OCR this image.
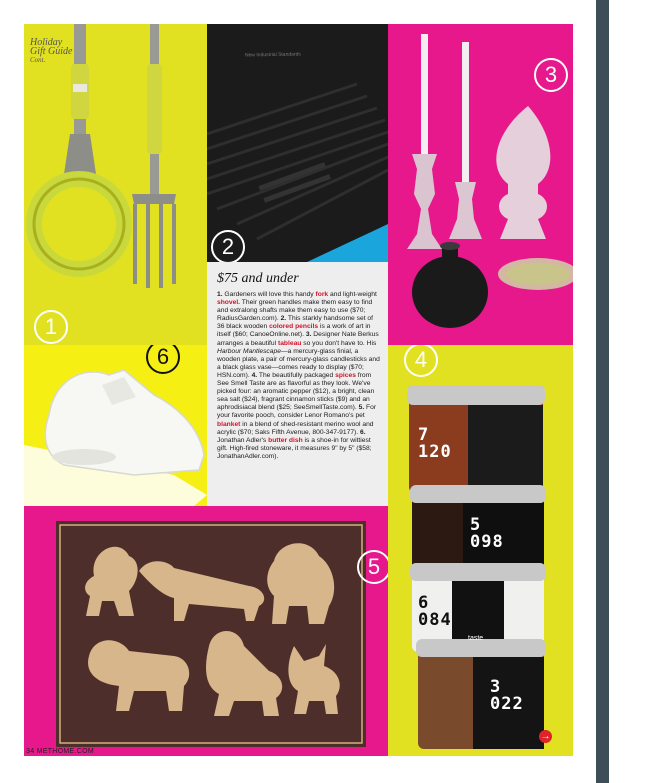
Holiday
Gift Guide
Cont.
1
New Industrial Standards
2
3
$75 and under
1. Gardeners will love this handy fork and light-weight shovel. Their green handles make them easy to find and extralong shafts make them easy to use ($70; RadiusGarden.com). 2. This starkly handsome set of 36 black wooden colored pencils is a work of art in itself ($60; CanoeOnline.net). 3. Designer Nate Berkus arranges a beautiful tableau so you don't have to. His Harbour Mantlescape—a mercury-glass finial, a wooden plate, a pair of mercury-glass candlesticks and a black glass vase—comes ready to display ($70; HSN.com). 4. The beautifully packaged spices from See Smell Taste are as flavorful as they look. We've picked four: an aromatic pepper ($12), a bright, clean sea salt ($24), fragrant cinnamon sticks ($9) and an aphrodisiacal blend ($25; SeeSmellTaste.com). 5. For your favorite pooch, consider Lenor Romano's pet blanket in a blend of shed-resistant merino wool and acrylic ($70; Saks Fifth Avenue, 800-347-9177). 6. Jonathan Adler's butter dish is a shoe-in for wittiest gift. High-fired stoneware, it measures 9" by 5" ($58; JonathanAdler.com).
6
5
7
120
5
098
6
084
taste
3
022
4
34 METHOME.COM
→
